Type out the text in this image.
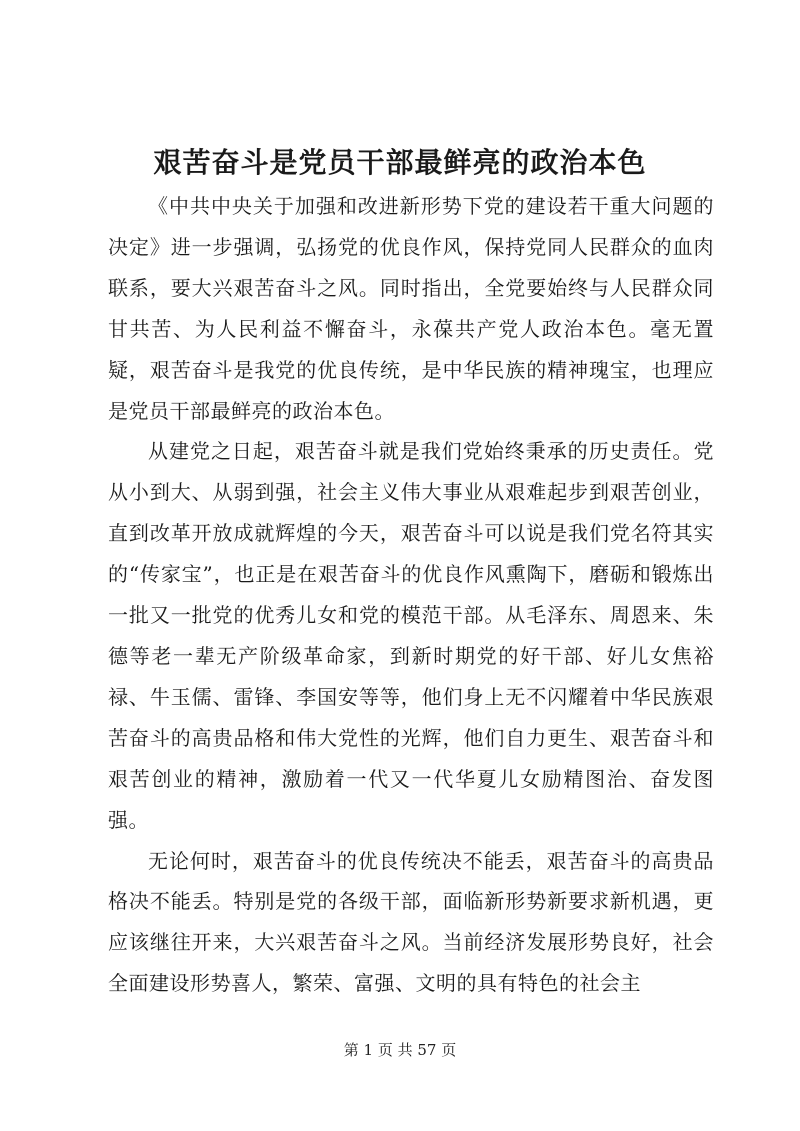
艰苦奋斗是党员干部最鲜亮的政治本色

《中共中央关于加强和改进新形势下党的建设若干重大问题的决定》进一步强调，弘扬党的优良作风，保持党同人民群众的血肉联系，要大兴艰苦奋斗之风。同时指出，全党要始终与人民群众同甘共苦、为人民利益不懈奋斗，永葆共产党人政治本色。毫无置疑，艰苦奋斗是我党的优良传统，是中华民族的精神瑰宝，也理应是党员干部最鲜亮的政治本色。

从建党之日起，艰苦奋斗就是我们党始终秉承的历史责任。党从小到大、从弱到强，社会主义伟大事业从艰难起步到艰苦创业，直到改革开放成就辉煌的今天，艰苦奋斗可以说是我们党名符其实的“传家宝”，也正是在艰苦奋斗的优良作风熏陶下，磨砺和锻炼出一批又一批党的优秀儿女和党的模范干部。从毛泽东、周恩来、朱德等老一辈无产阶级革命家，到新时期党的好干部、好儿女焦裕禄、牛玉儒、雷锋、李国安等等，他们身上无不闪耀着中华民族艰苦奋斗的高贵品格和伟大党性的光辉，他们自力更生、艰苦奋斗和艰苦创业的精神，激励着一代又一代华夏儿女励精图治、奋发图强。

无论何时，艰苦奋斗的优良传统决不能丢，艰苦奋斗的高贵品格决不能丢。特别是党的各级干部，面临新形势新要求新机遇，更应该继往开来，大兴艰苦奋斗之风。当前经济发展形势良好，社会全面建设形势喜人，繁荣、富强、文明的具有特色的社会主

第 1 页 共 57 页
